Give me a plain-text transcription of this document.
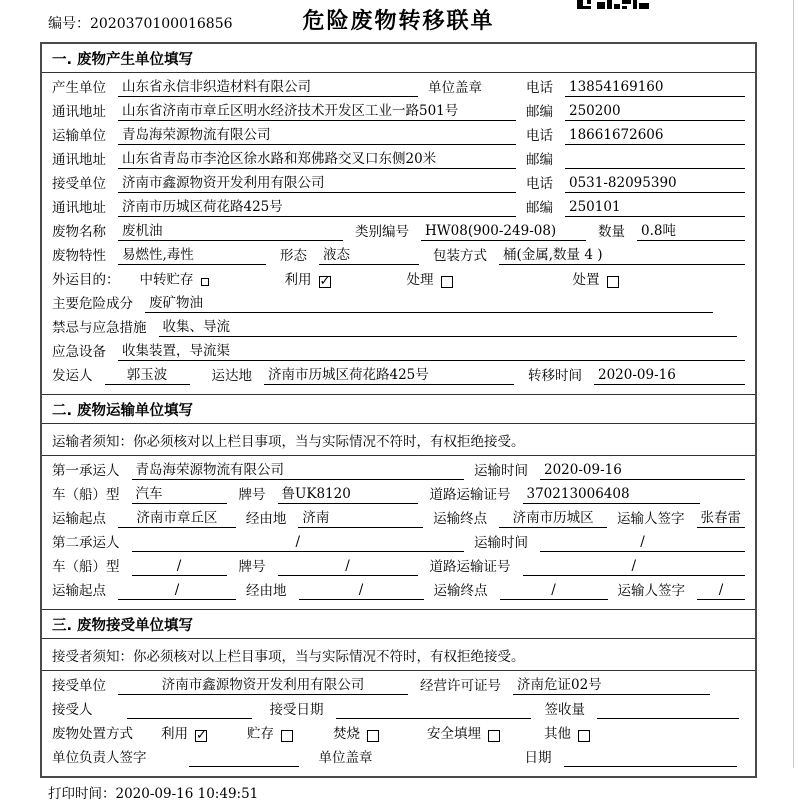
编号：2020370100016856	危险废物转移联单
一. 废物产生单位填写
产生单位 山东省永信非织造材料有限公司	单位盖章	电话 13854169160
通讯地址 山东省济南市章丘区明水经济技术开发区工业一路501号	邮编 250200
运输单位 青岛海荣源物流有限公司	电话 18661672606
通讯地址 山东省青岛市李沧区徐水路和郑佛路交叉口东侧20米	邮编
接受单位 济南市鑫源物资开发利用有限公司	电话 0531-82095390
通讯地址 济南市历城区荷花路425号	邮编 250101
废物名称 废机油	类别编号 HW08(900-249-08)	数量 0.8吨
废物特性 易燃性,毒性	形态 液态	包装方式 桶(金属,数量 4 )
外运目的： 中转贮存	利用 ✓	处理	处置
主要危险成分 废矿物油
禁忌与应急措施 收集、导流
应急设备 收集装置，导流渠
发运人	郭玉波	运达地 济南市历城区荷花路425号	转移时间 2020-09-16
二. 废物运输单位填写
运输者须知：你必须核对以上栏目事项，当与实际情况不符时，有权拒绝接受。
第一承运人 青岛海荣源物流有限公司	运输时间 2020-09-16
车（船）型 汽车	牌号 鲁UK8120	道路运输证号 370213006408
运输起点	济南市章丘区	经由地 济南	运输终点	济南市历城区	运输人签字 张春雷
第二承运人	/	运输时间	/
车（船）型	/	牌号	/	道路运输证号	/
运输起点	/	经由地	/	运输终点	/	运输人签字	/
三. 废物接受单位填写
接受者须知：你必须核对以上栏目事项，当与实际情况不符时，有权拒绝接受。
接受单位	济南市鑫源物资开发利用有限公司	经营许可证号 济南危证02号
接受人	接受日期	签收量
废物处置方式 利用 ✓	贮存	焚烧	安全填埋	其他
单位负责人签字	单位盖章	日期
打印时间：2020-09-16 10:49:51
